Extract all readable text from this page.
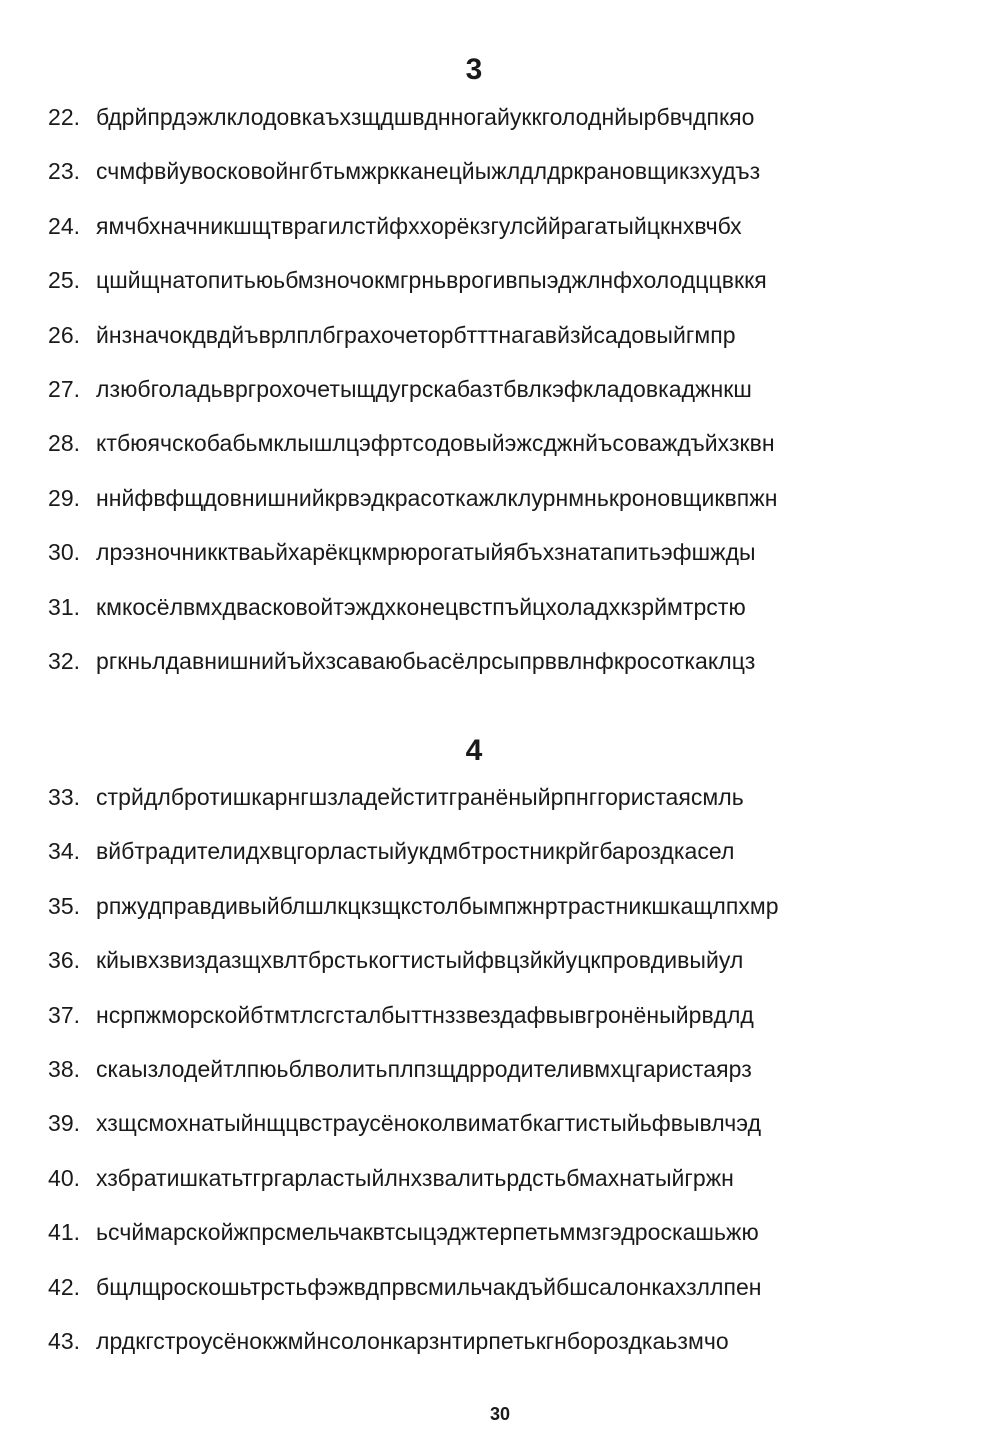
3
22. бдрйпрдэжлклодовкаъхзщдшвднногайуккголоднйырбвчдпкяо
23. счмфвйувосковойнгбтьмжркканецйыжлдлдркрановщикзхудъз
24. ямчбхначникшщтврагилстйфххорёкзгулсййрагатыйцкнхвчбх
25. цшйщнатопитьюьбмзночокмгрньврогивпыэджлнфхолодццвккя
26. йнзначокдвдйъврлплбграхочеторбтттнагавйзйсадовыйгмпр
27. лзюбголадьвргрохочетыщдугрскабазтбвлкэфкладовкаджнкш
28. ктбюячскобабьмклышлцэфртсодовыйэжсджнйъсоваждъйхзквн
29. ннйфвфщдовнишнийкрвэдкрасоткажлклурнмнькроновщиквпжн
30. лрэзночникктваьйхарёкцкмрюрогатыйябъхзнатапитьэфшжды
31. кмкосёлвмхдвасковойтэждхконецвстпъйцхоладхкзрймтрстю
32. ргкньлдавнишнийъйхзсаваюбьасёлрсыпрввлнфкросоткаклцз
4
33. стрйдлбротишкарнгшзладейститгранёныйрпнггористаясмль
34. вйбтрадителидхвцгорластыйукдмбтростникрйгбароздкасел
35. рпжудправдивыйблшлкцкзщкстолбымпжнртрастникшкащлпхмр
36. кйывхзвиздазщхвлтбрстькогтистыйфвцзйкйуцкпровдивыйул
37. нсрпжморскойбтмтлсгсталбыттнззвездафвывгронёныйрвдлд
38. скаызлодейтлпюьблволитьплпзщдрродителивмхцгаристаярз
39. хзщсмохнатыйнщцвстраусёноколвиматбкагтистыйьфвывлчэд
40. хзбратишкатьтгргарластыйлнхзвалитьрдстьбмахнатыйгржн
41. ьсчймарскойжпрсмельчаквтсыцэджтерпетьммзгэдроскашьжю
42. бщлщроскошьтрстьфэжвдпрвсмильчакдъйбшсалонкахзллпен
43. лрдкгстроусёнокжмйнсолонкарзнтирпетькгнбороздкаьзмчо
30
